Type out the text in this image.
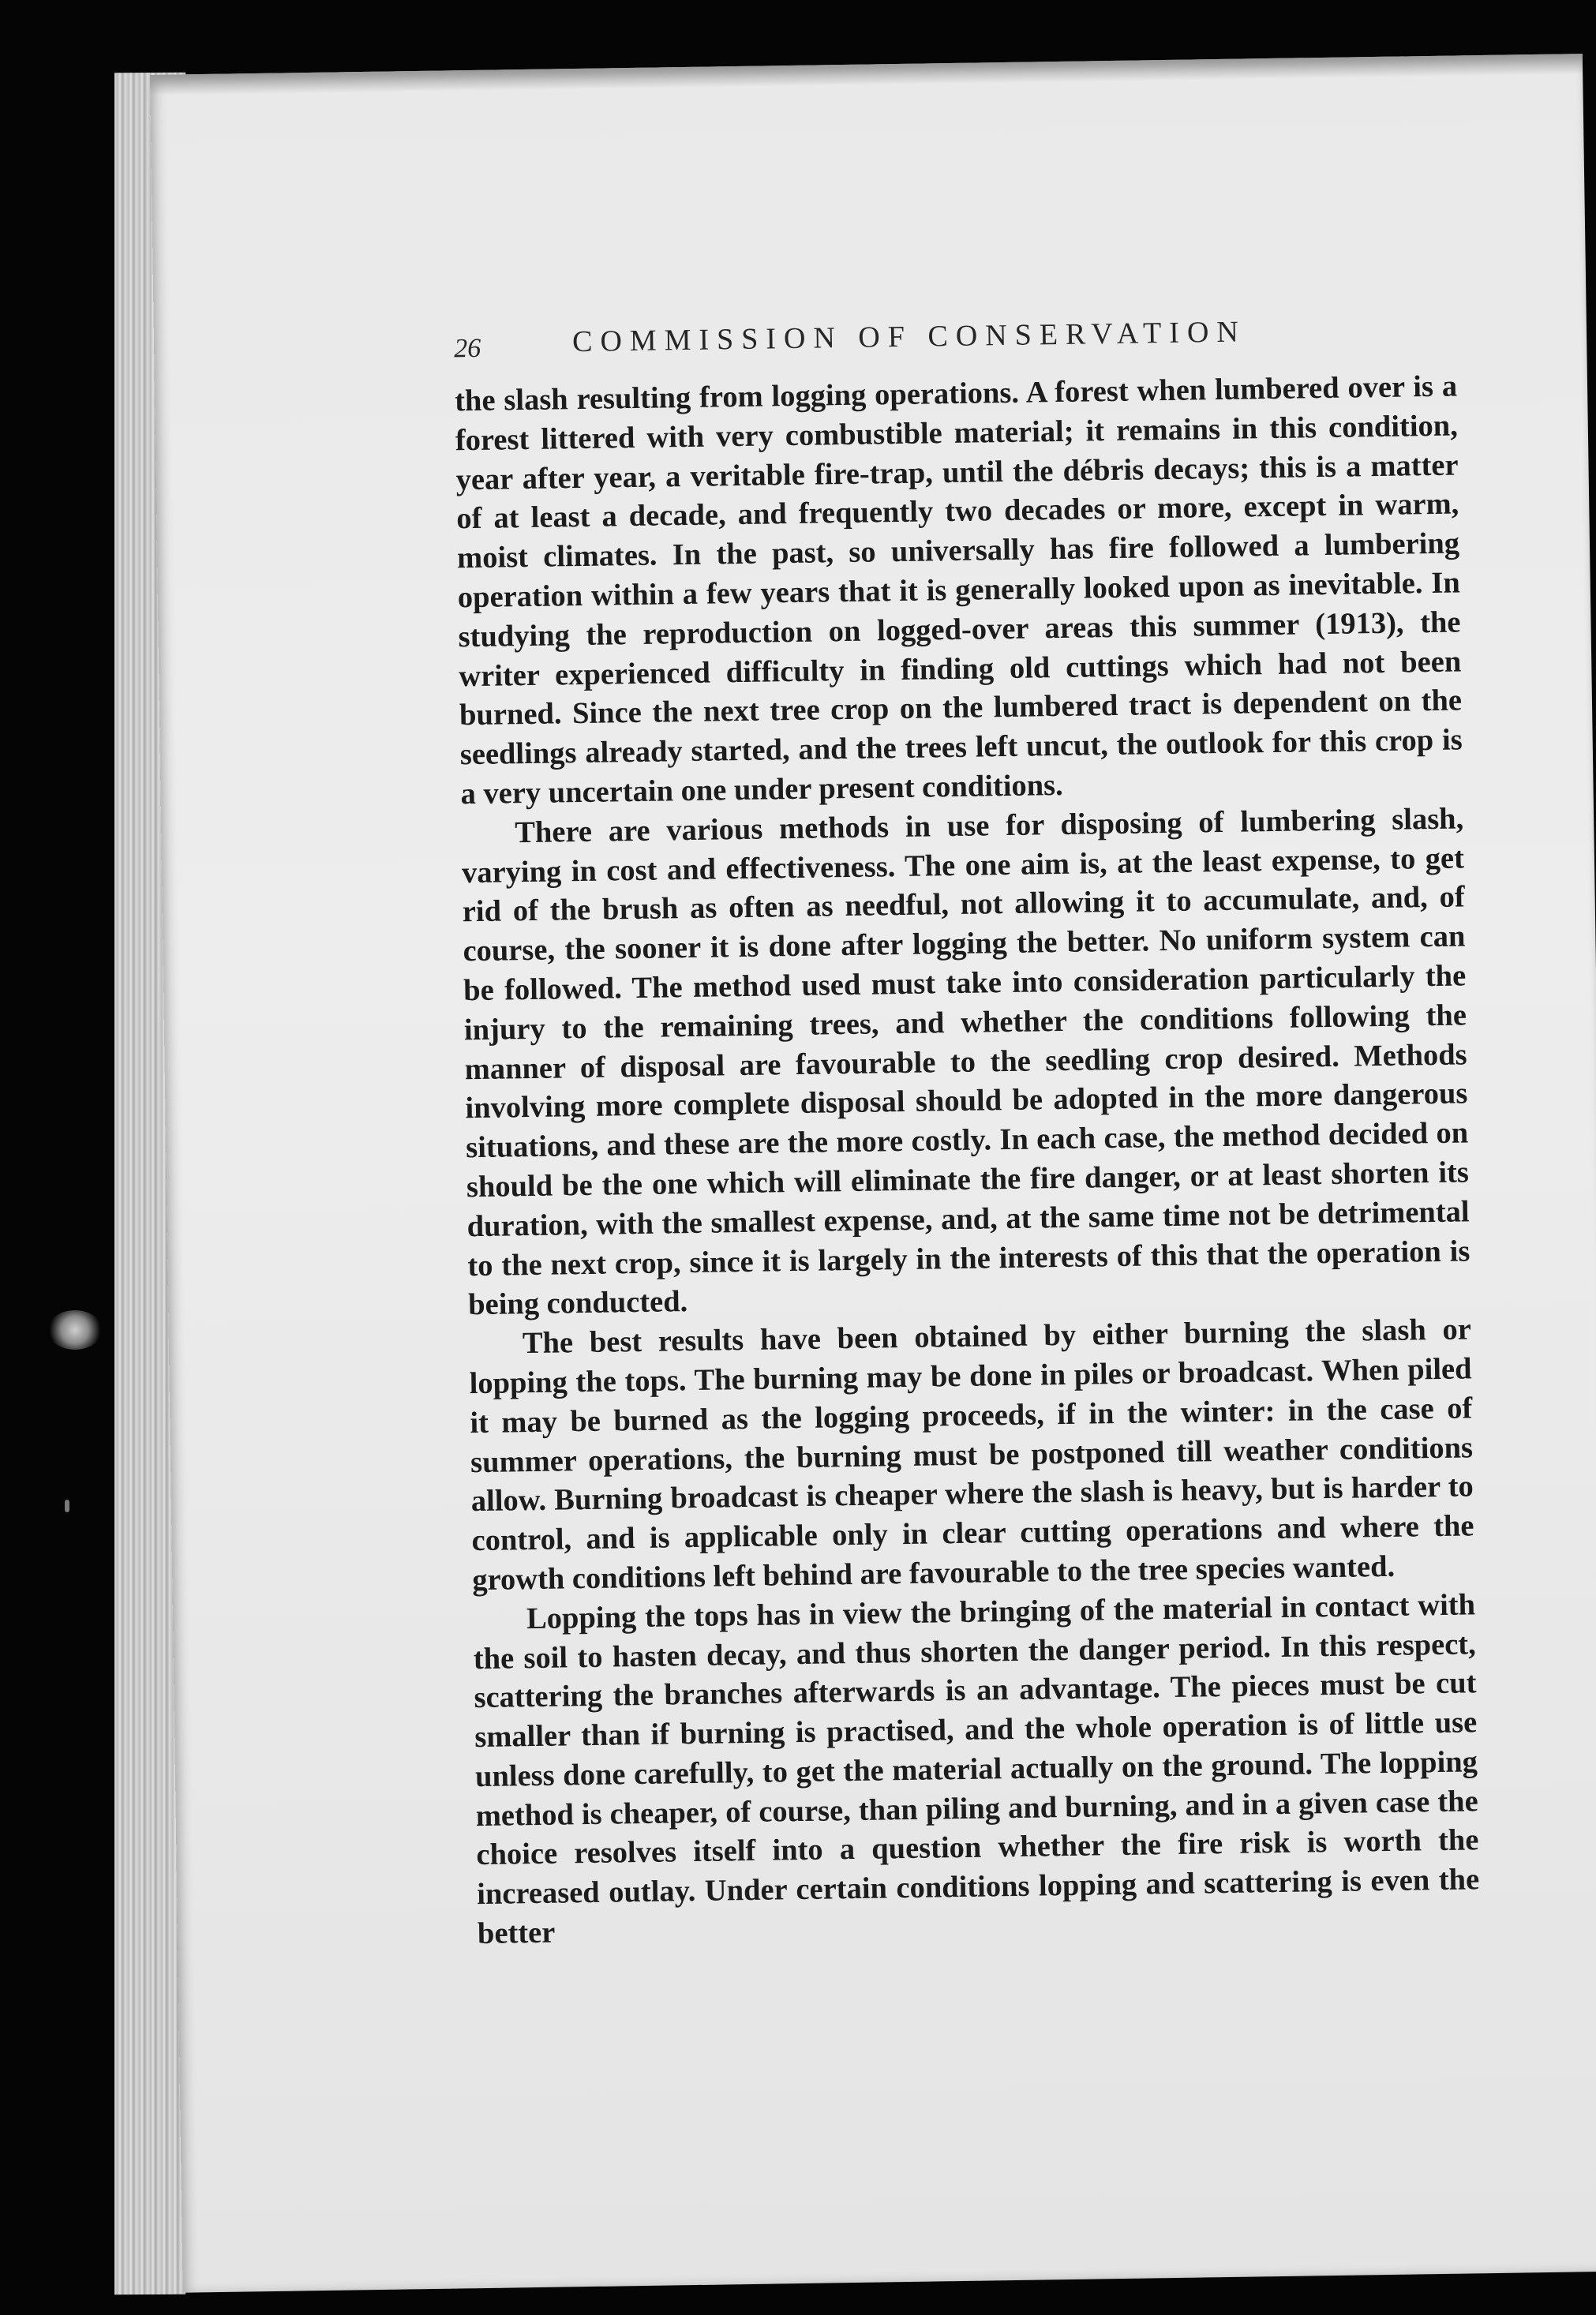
26	COMMISSION OF CONSERVATION

the slash resulting from logging operations. A forest when lumbered over is a forest littered with very combustible material; it remains in this condition, year after year, a veritable fire-trap, until the débris decays; this is a matter of at least a decade, and frequently two decades or more, except in warm, moist climates. In the past, so universally has fire followed a lumbering operation within a few years that it is generally looked upon as inevitable. In studying the reproduction on logged-over areas this summer (1913), the writer experienced difficulty in finding old cuttings which had not been burned. Since the next tree crop on the lumbered tract is dependent on the seedlings already started, and the trees left uncut, the outlook for this crop is a very uncertain one under present conditions.

There are various methods in use for disposing of lumbering slash, varying in cost and effectiveness. The one aim is, at the least expense, to get rid of the brush as often as needful, not allowing it to accumulate, and, of course, the sooner it is done after logging the better. No uniform system can be followed. The method used must take into consideration particularly the injury to the remaining trees, and whether the conditions following the manner of disposal are favourable to the seedling crop desired. Methods involving more complete disposal should be adopted in the more dangerous situations, and these are the more costly. In each case, the method decided on should be the one which will eliminate the fire danger, or at least shorten its duration, with the smallest expense, and, at the same time not be detrimental to the next crop, since it is largely in the interests of this that the operation is being conducted.

The best results have been obtained by either burning the slash or lopping the tops. The burning may be done in piles or broadcast. When piled it may be burned as the logging proceeds, if in the winter: in the case of summer operations, the burning must be postponed till weather conditions allow. Burning broadcast is cheaper where the slash is heavy, but is harder to control, and is applicable only in clear cutting operations and where the growth conditions left behind are favourable to the tree species wanted.

Lopping the tops has in view the bringing of the material in contact with the soil to hasten decay, and thus shorten the danger period. In this respect, scattering the branches afterwards is an advantage. The pieces must be cut smaller than if burning is practised, and the whole operation is of little use unless done carefully, to get the material actually on the ground. The lopping method is cheaper, of course, than piling and burning, and in a given case the choice resolves itself into a question whether the fire risk is worth the increased outlay. Under certain conditions lopping and scattering is even the better
